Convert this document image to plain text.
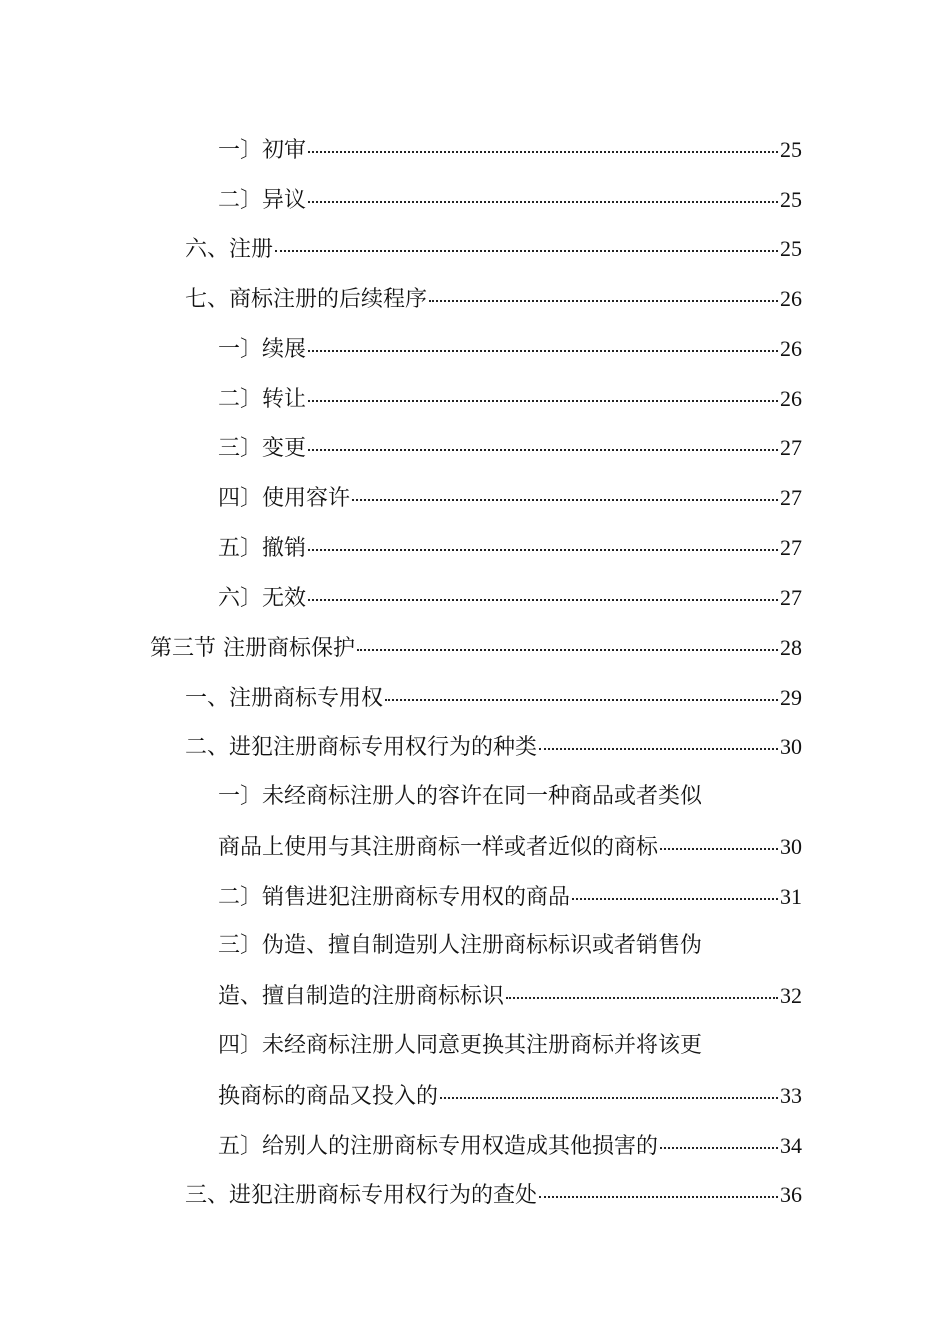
一〕初审	25
二〕异议	25
六、注册	25
七、商标注册的后续程序	26
一〕续展	26
二〕转让	26
三〕变更	27
四〕使用容许	27
五〕撤销	27
六〕无效	27
第三节 注册商标保护	28
一、注册商标专用权	29
二、进犯注册商标专用权行为的种类	30
一〕未经商标注册人的容许在同一种商品或者类似
商品上使用与其注册商标一样或者近似的商标	30
二〕销售进犯注册商标专用权的商品	31
三〕伪造、擅自制造别人注册商标标识或者销售伪
造、擅自制造的注册商标标识	32
四〕未经商标注册人同意更换其注册商标并将该更
换商标的商品又投入的	33
五〕给别人的注册商标专用权造成其他损害的	34
三、进犯注册商标专用权行为的查处	36
